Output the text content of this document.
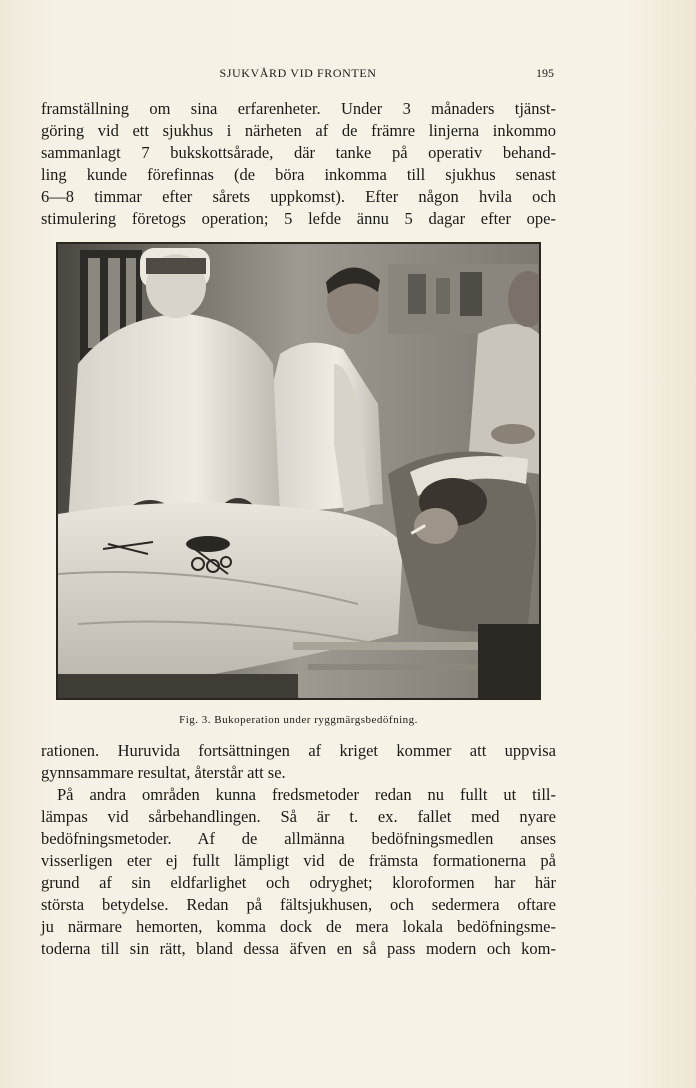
SJUKVÅRD VID FRONTEN	195
framställning om sina erfarenheter. Under 3 månaders tjänst-
göring vid ett sjukhus i närheten af de främre linjerna inkommo
sammanlagt 7 bukskottsårade, där tanke på operativ behand-
ling kunde förefinnas (de böra inkomma till sjukhus senast
6—8 timmar efter sårets uppkomst). Efter någon hvila och
stimulering företogs operation; 5 lefde ännu 5 dagar efter ope-
Fig. 3. Bukoperation under ryggmärgsbedöfning.
rationen. Huruvida fortsättningen af kriget kommer att uppvisa
gynnsammare resultat, återstår att se.
På andra områden kunna fredsmetoder redan nu fullt ut till-
lämpas vid sårbehandlingen. Så är t. ex. fallet med nyare
bedöfningsmetoder. Af de allmänna bedöfningsmedlen anses
visserligen eter ej fullt lämpligt vid de främsta formationerna på
grund af sin eldfarlighet och odryghet; kloroformen har här
största betydelse. Redan på fältsjukhusen, och sedermera oftare
ju närmare hemorten, komma dock de mera lokala bedöfningsme-
toderna till sin rätt, bland dessa äfven en så pass modern och kom-
